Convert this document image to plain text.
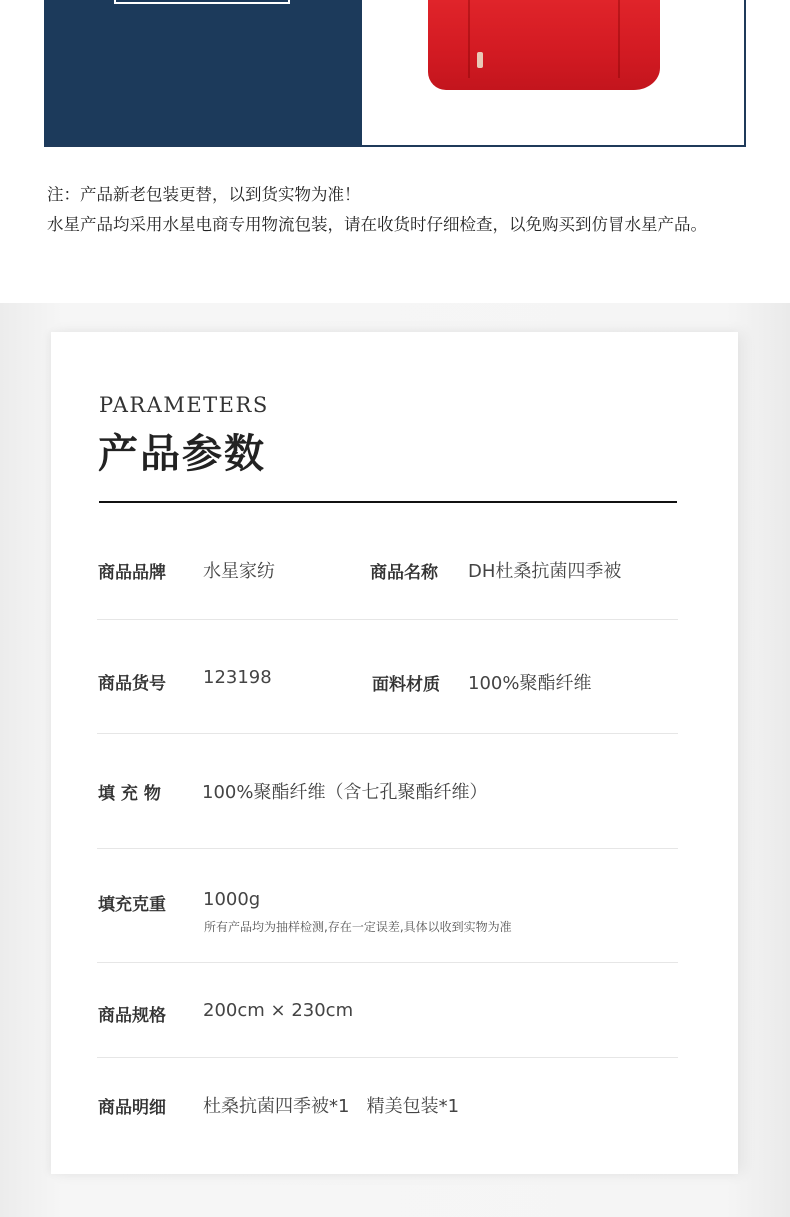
注：产品新老包装更替，以到货实物为准！
水星产品均采用水星电商专用物流包装，请在收货时仔细检查，以免购买到仿冒水星产品。
PARAMETERS
产品参数
商品品牌 水星家纺	商品名称 DH杜桑抗菌四季被
商品货号 123198	面料材质 100%聚酯纤维
填 充 物 100%聚酯纤维（含七孔聚酯纤维）
填充克重 1000g
所有产品均为抽样检测,存在一定误差,具体以收到实物为准
商品规格 200cm × 230cm
商品明细 杜桑抗菌四季被*1   精美包装*1
